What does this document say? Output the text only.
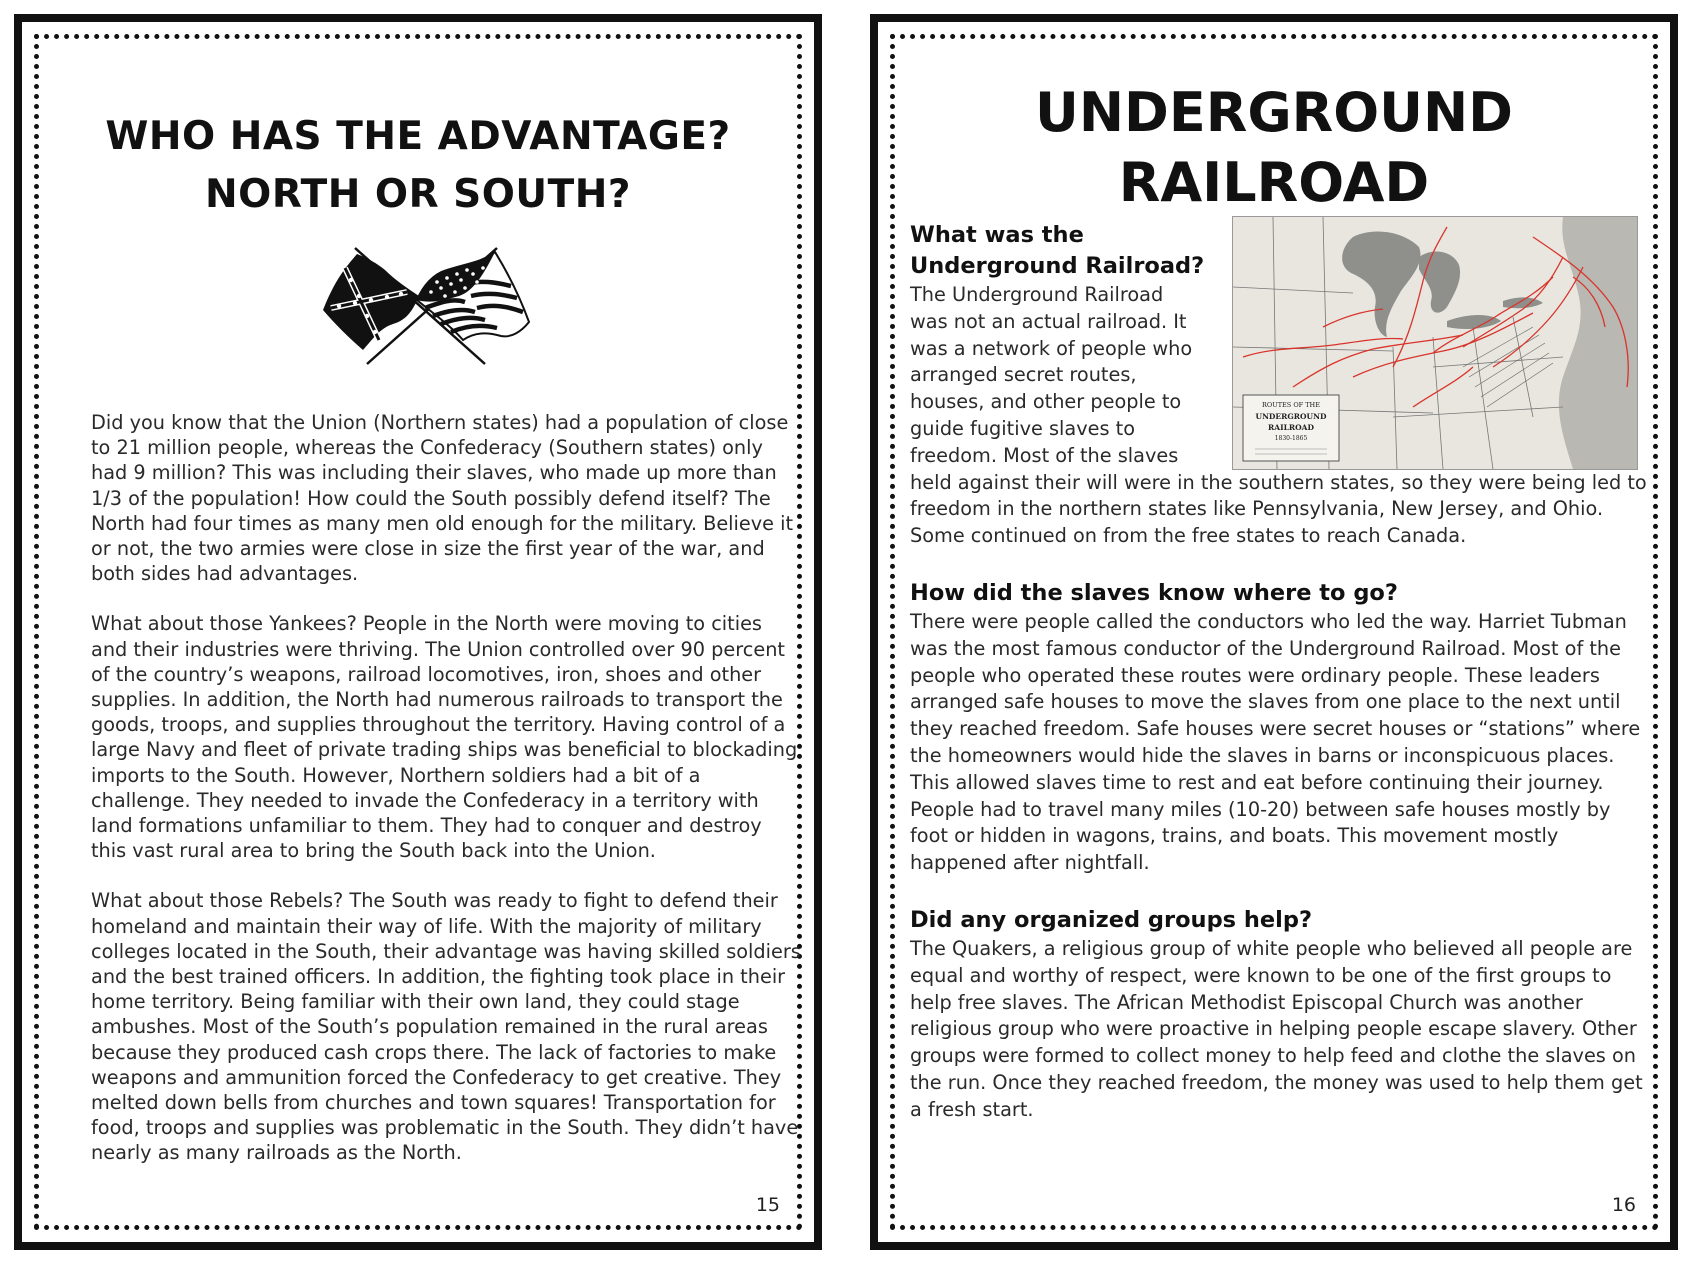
WHO HAS THE ADVANTAGE?
NORTH OR SOUTH?

Did you know that the Union (Northern states) had a population of close to 21 million people, whereas the Confederacy (Southern states) only had 9 million? This was including their slaves, who made up more than 1/3 of the population! How could the South possibly defend itself? The North had four times as many men old enough for the military. Believe it or not, the two armies were close in size the first year of the war, and both sides had advantages.

What about those Yankees? People in the North were moving to cities and their industries were thriving. The Union controlled over 90 percent of the country’s weapons, railroad locomotives, iron, shoes and other supplies. In addition, the North had numerous railroads to transport the goods, troops, and supplies throughout the territory. Having control of a large Navy and fleet of private trading ships was beneficial to blockading imports to the South. However, Northern soldiers had a bit of a challenge. They needed to invade the Confederacy in a territory with land formations unfamiliar to them. They had to conquer and destroy this vast rural area to bring the South back into the Union.

What about those Rebels? The South was ready to fight to defend their homeland and maintain their way of life. With the majority of military colleges located in the South, their advantage was having skilled soldiers and the best trained officers. In addition, the fighting took place in their home territory. Being familiar with their own land, they could stage ambushes. Most of the South’s population remained in the rural areas because they produced cash crops there. The lack of factories to make weapons and ammunition forced the Confederacy to get creative. They melted down bells from churches and town squares! Transportation for food, troops and supplies was problematic in the South. They didn’t have nearly as many railroads as the North.

15
UNDERGROUND
RAILROAD
ROUTES OF THE
UNDERGROUND
RAILROAD
1830-1865
What was the
Underground Railroad?

The Underground Railroad
was not an actual railroad. It
was a network of people who
arranged secret routes,
houses, and other people to
guide fugitive slaves to
freedom. Most of the slaves

held against their will were in the southern states, so they were being led to freedom in the northern states like Pennsylvania, New Jersey, and Ohio. Some continued on from the free states to reach Canada.

How did the slaves know where to go?

There were people called the conductors who led the way. Harriet Tubman was the most famous conductor of the Underground Railroad. Most of the people who operated these routes were ordinary people. These leaders arranged safe houses to move the slaves from one place to the next until they reached freedom. Safe houses were secret houses or “stations” where the homeowners would hide the slaves in barns or inconspicuous places. This allowed slaves time to rest and eat before continuing their journey. People had to travel many miles (10-20) between safe houses mostly by foot or hidden in wagons, trains, and boats. This movement mostly happened after nightfall.

Did any organized groups help?

The Quakers, a religious group of white people who believed all people are equal and worthy of respect, were known to be one of the first groups to help free slaves. The African Methodist Episcopal Church was another religious group who were proactive in helping people escape slavery. Other groups were formed to collect money to help feed and clothe the slaves on the run. Once they reached freedom, the money was used to help them get a fresh start.

16
